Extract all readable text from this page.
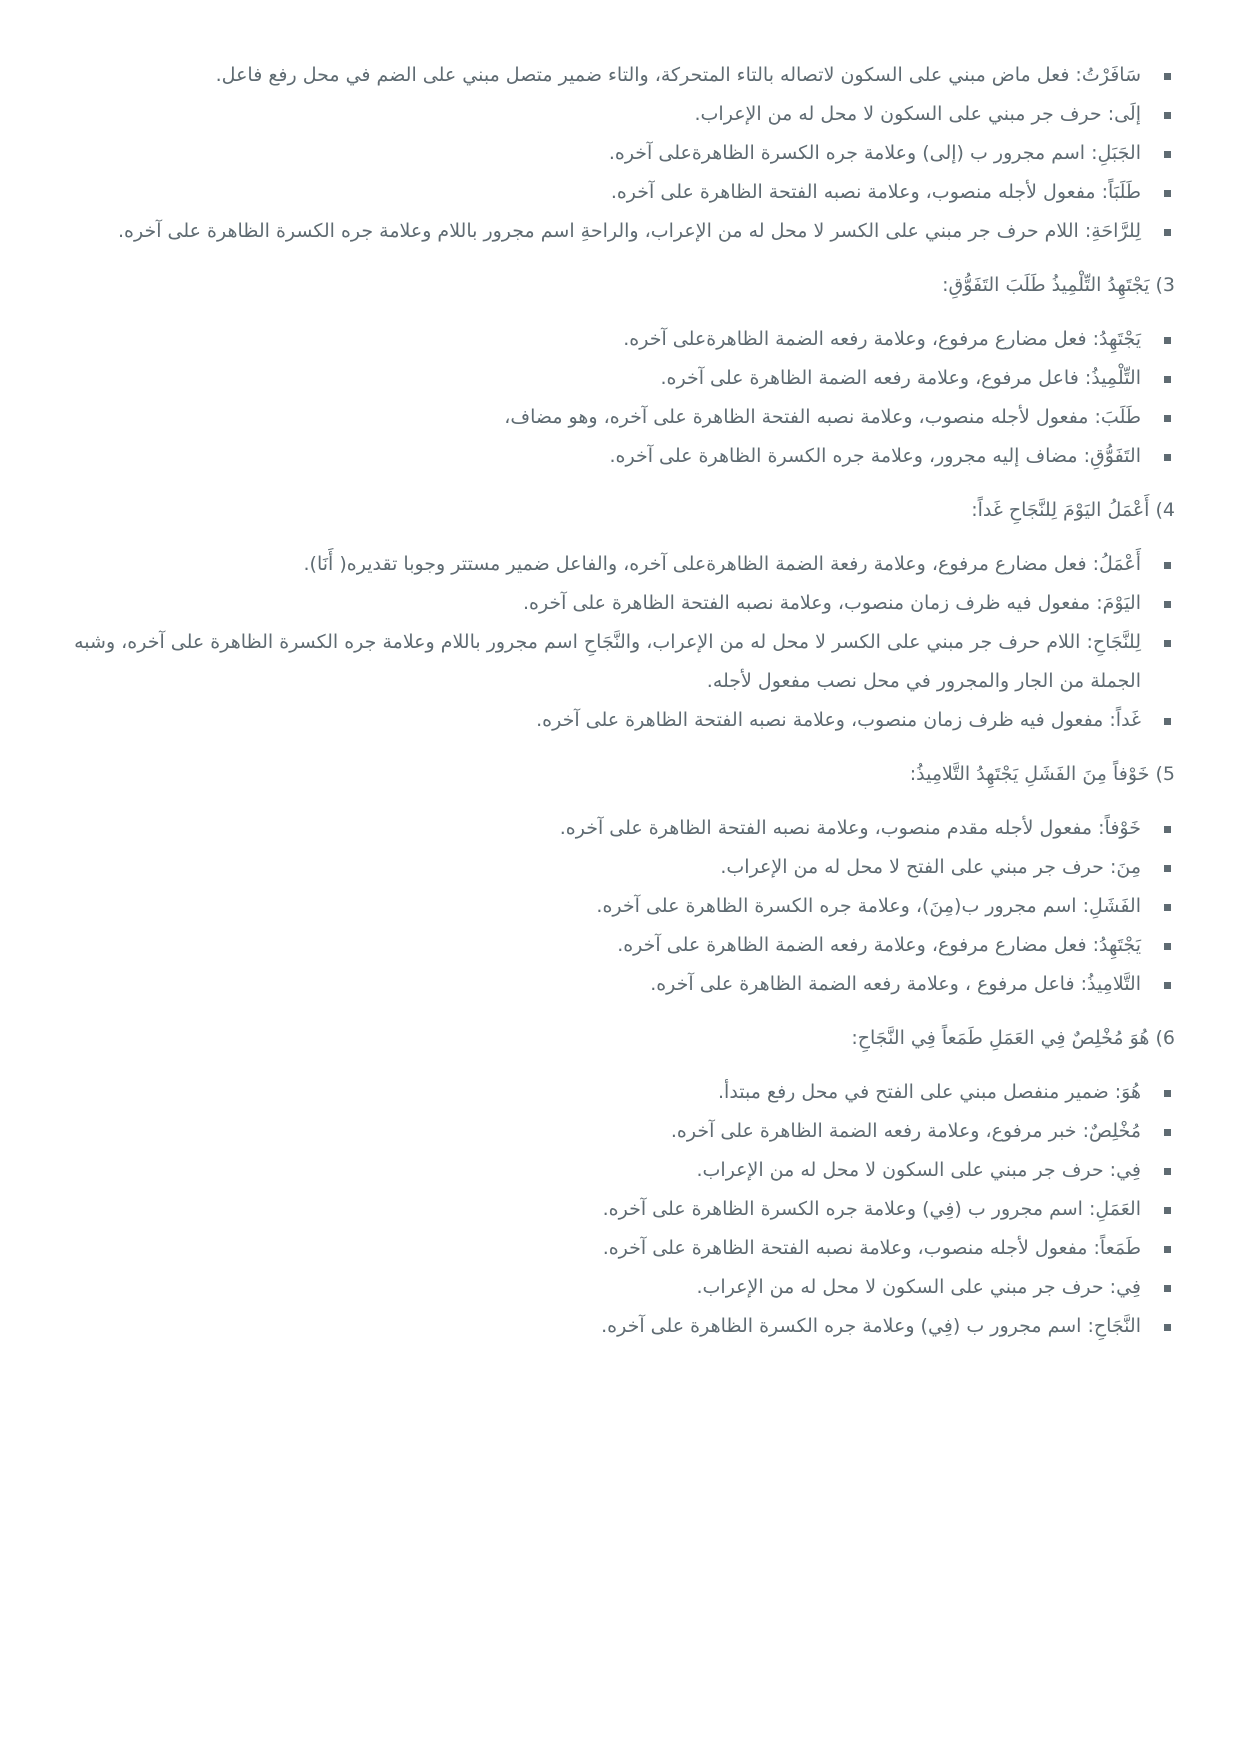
سَافَرْتُ: فعل ماض مبني على السكون لاتصاله بالتاء المتحركة، والتاء ضمير متصل مبني على الضم في محل رفع فاعل.
إلَى: حرف جر مبني على السكون لا محل له من الإعراب.
الجَبَلِ: اسم مجرور ب (إلى) وعلامة جره الكسرة الظاهرةعلى آخره.
طَلَبَاً: مفعول لأجله منصوب، وعلامة نصبه الفتحة الظاهرة على آخره.
لِلرَّاحَةِ: اللام حرف جر مبني على الكسر لا محل له من الإعراب، والراحةِ اسم مجرور باللام وعلامة جره الكسرة الظاهرة على آخره.
3) يَجْتَهِدُ التِّلْمِيذُ طَلَبَ التَفَوُّقِ:
يَجْتَهِدُ: فعل مضارع مرفوع، وعلامة رفعه الضمة الظاهرةعلى آخره.
التِّلْمِيذُ: فاعل مرفوع، وعلامة رفعه الضمة الظاهرة على آخره.
طَلَبَ: مفعول لأجله منصوب، وعلامة نصبه الفتحة الظاهرة على آخره، وهو مضاف،
التَفَوُّقِ: مضاف إليه مجرور، وعلامة جره الكسرة الظاهرة على آخره.
4) أَعْمَلُ اليَوْمَ لِلنَّجَاحِ غَداً:
أَعْمَلُ: فعل مضارع مرفوع، وعلامة رفعة الضمة الظاهرةعلى آخره، والفاعل ضمير مستتر وجوبا تقديره( أَنَا).
اليَوْمَ: مفعول فيه ظرف زمان منصوب، وعلامة نصبه الفتحة الظاهرة على آخره.
لِلنَّجَاحِ: اللام حرف جر مبني على الكسر لا محل له من الإعراب، والنَّجَاحِ اسم مجرور باللام وعلامة جره الكسرة الظاهرة على آخره، وشبه الجملة من الجار والمجرور في محل نصب مفعول لأجله.
غَداً: مفعول فيه ظرف زمان منصوب، وعلامة نصبه الفتحة الظاهرة على آخره.
5) خَوْفاً مِنَ الفَشَلِ يَجْتَهِدُ التَّلامِيذُ:
خَوْفاً: مفعول لأجله مقدم منصوب، وعلامة نصبه الفتحة الظاهرة على آخره.
مِنَ: حرف جر مبني على الفتح لا محل له من الإعراب.
الفَشَلِ: اسم مجرور ب(مِنَ)، وعلامة جره الكسرة الظاهرة على آخره.
يَجْتَهِدُ: فعل مضارع مرفوع، وعلامة رفعه الضمة الظاهرة على آخره.
التَّلامِيذُ: فاعل مرفوع ، وعلامة رفعه الضمة الظاهرة على آخره.
6) هُوَ مُخْلِصٌ فِي العَمَلِ طَمَعاً فِي النَّجَاحِ:
هُوَ: ضمير منفصل مبني على الفتح في محل رفع مبتدأ.
مُخْلِصٌ: خبر مرفوع، وعلامة رفعه الضمة الظاهرة على آخره.
فِي: حرف جر مبني على السكون لا محل له من الإعراب.
العَمَلِ: اسم مجرور ب (فِي) وعلامة جره الكسرة الظاهرة على آخره.
طَمَعاً: مفعول لأجله منصوب، وعلامة نصبه الفتحة الظاهرة على آخره.
فِي: حرف جر مبني على السكون لا محل له من الإعراب.
النَّجَاحِ: اسم مجرور ب (فِي) وعلامة جره الكسرة الظاهرة على آخره.
